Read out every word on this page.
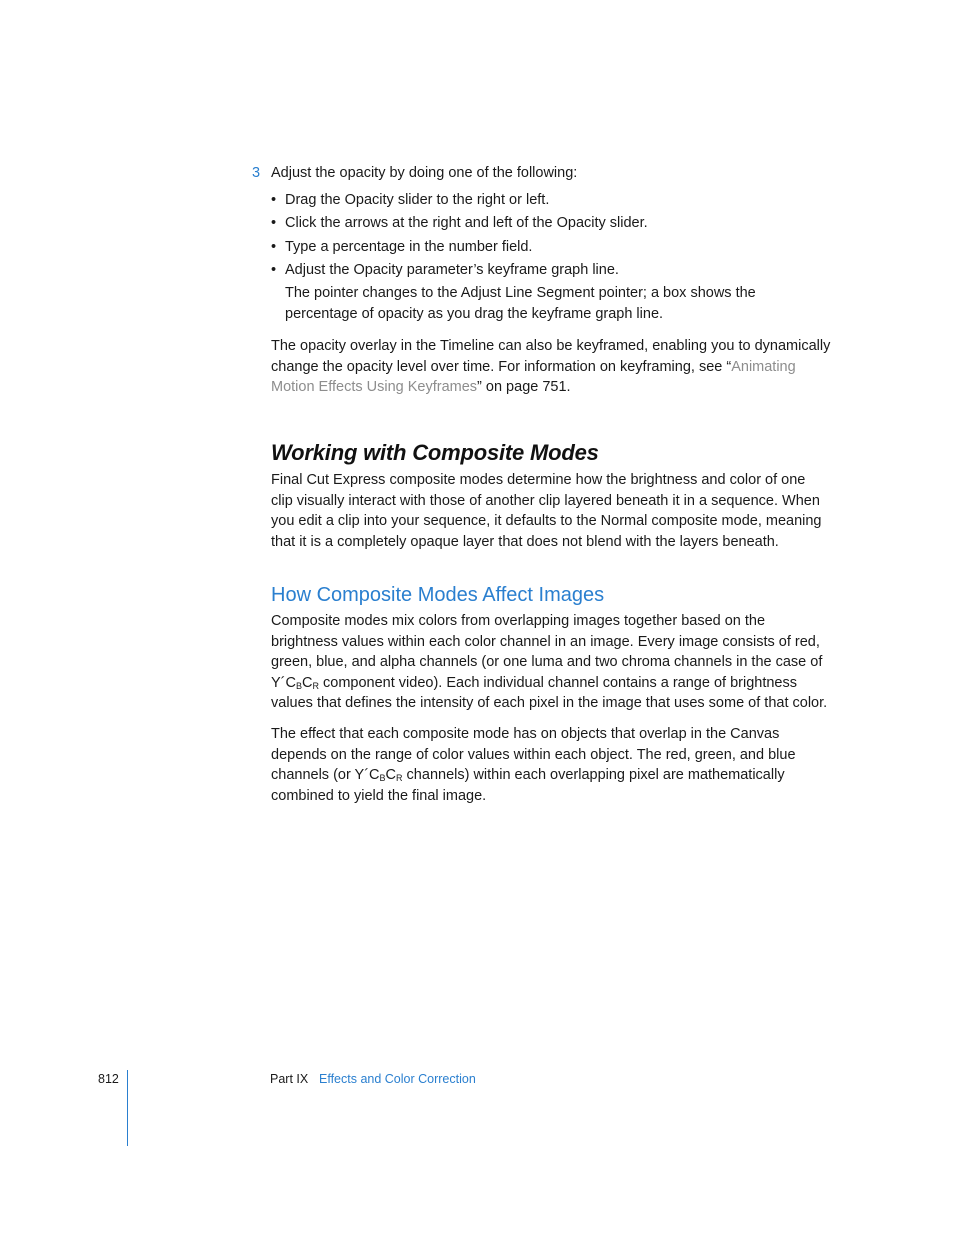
3 Adjust the opacity by doing one of the following:
• Drag the Opacity slider to the right or left.
• Click the arrows at the right and left of the Opacity slider.
• Type a percentage in the number field.
• Adjust the Opacity parameter’s keyframe graph line.

The pointer changes to the Adjust Line Segment pointer; a box shows the percentage of opacity as you drag the keyframe graph line.

The opacity overlay in the Timeline can also be keyframed, enabling you to dynamically change the opacity level over time. For information on keyframing, see “Animating Motion Effects Using Keyframes” on page 751.

Working with Composite Modes

Final Cut Express composite modes determine how the brightness and color of one clip visually interact with those of another clip layered beneath it in a sequence. When you edit a clip into your sequence, it defaults to the Normal composite mode, meaning that it is a completely opaque layer that does not blend with the layers beneath.

How Composite Modes Affect Images

Composite modes mix colors from overlapping images together based on the brightness values within each color channel in an image. Every image consists of red, green, blue, and alpha channels (or one luma and two chroma channels in the case of $Y´C_BC_R$ component video). Each individual channel contains a range of brightness values that defines the intensity of each pixel in the image that uses some of that color.

The effect that each composite mode has on objects that overlap in the Canvas depends on the range of color values within each object. The red, green, and blue channels (or $Y´C_BC_R$ channels) within each overlapping pixel are mathematically combined to yield the final image.

812	Part IX Effects and Color Correction
